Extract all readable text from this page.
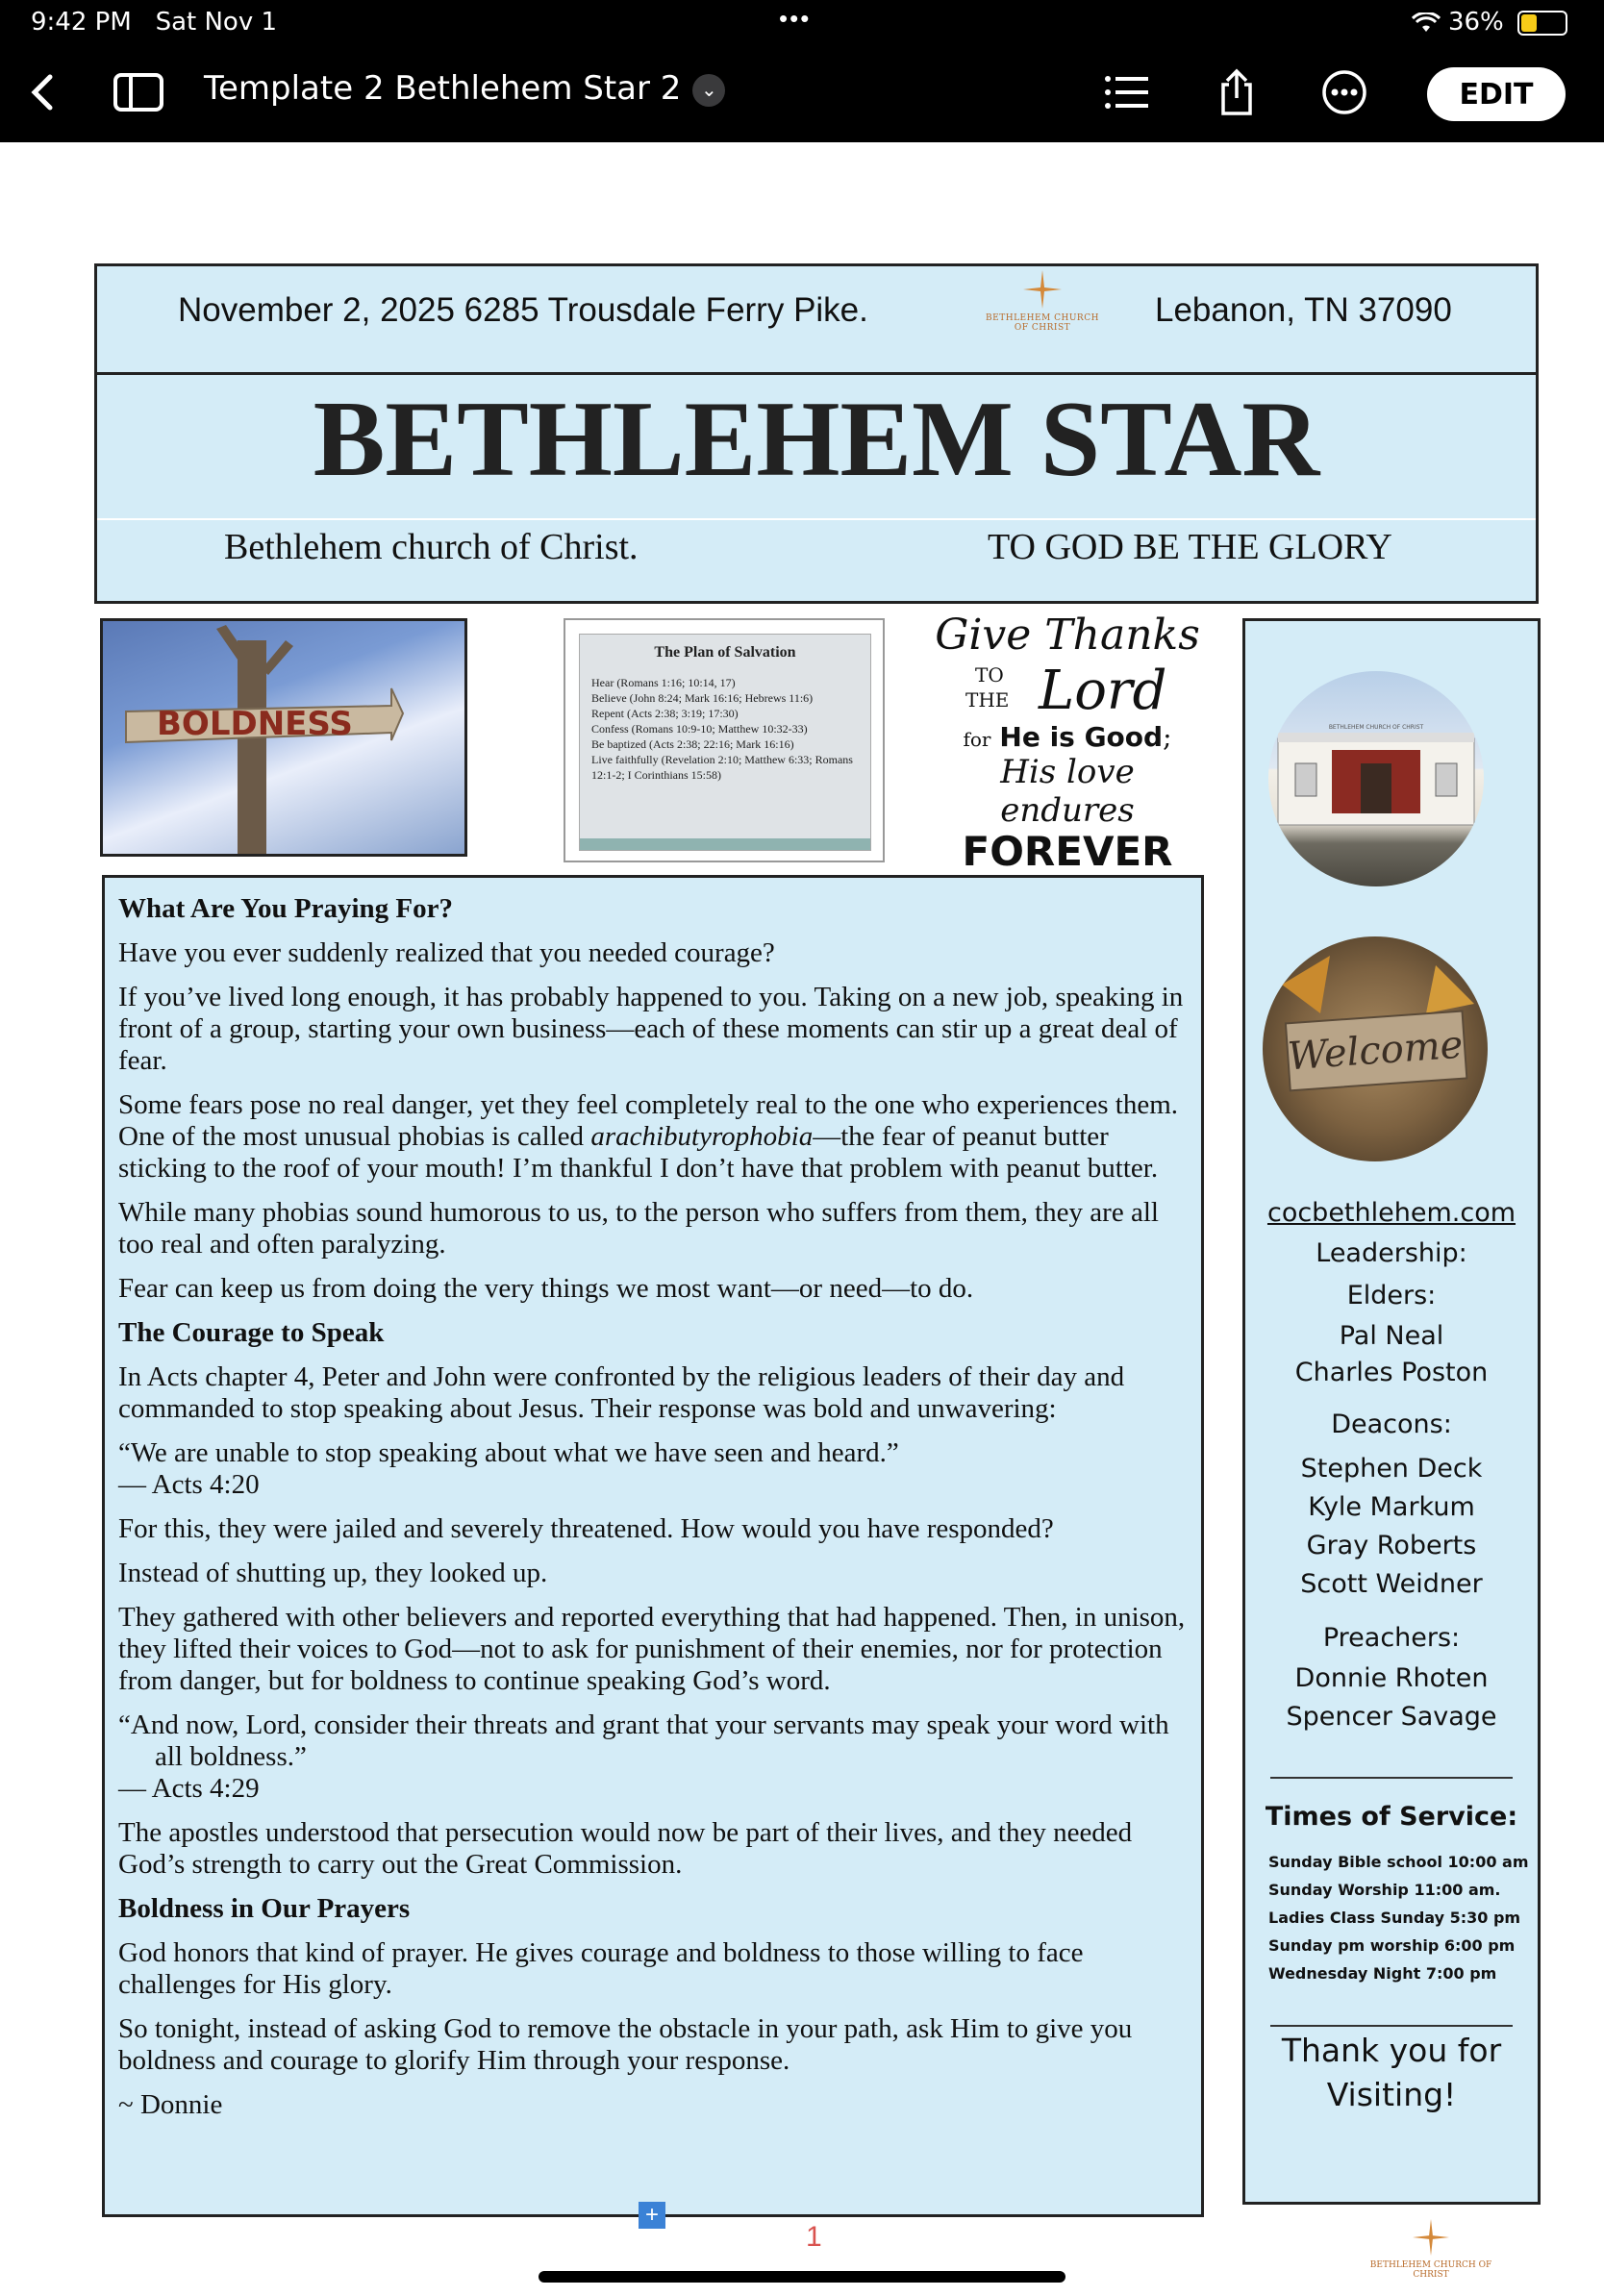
9:42 PM Sat Nov 1	•••	36%
Template 2 Bethlehem Star 2 ⌄	EDIT
November 2, 2025 6285 Trousdale Ferry Pike.	BETHLEHEM CHURCH OF CHRIST	Lebanon, TN 37090
BETHLEHEM STAR
Bethlehem church of Christ.	TO GOD BE THE GLORY
BOLDNESS
The Plan of Salvation
Hear (Romans 1:16; 10:14, 17)
Believe (John 8:24; Mark 16:16; Hebrews 11:6)
Repent (Acts 2:38; 3:19; 17:30)
Confess (Romans 10:9-10; Matthew 10:32-33)
Be baptized (Acts 2:38; 22:16; Mark 16:16)
Live faithfully (Revelation 2:10; Matthew 6:33; Romans 12:1-2; I Corinthians 15:58)
Give Thanks
TO
THE Lord
for He is Good;
His love endures
FOREVER

What Are You Praying For?

Have you ever suddenly realized that you needed courage?

If you’ve lived long enough, it has probably happened to you. Taking on a new job, speaking in front of a group, starting your own business—each of these moments can stir up a great deal of fear.

Some fears pose no real danger, yet they feel completely real to the one who experiences them. One of the most unusual phobias is called arachibutyrophobia—the fear of peanut butter sticking to the roof of your mouth! I’m thankful I don’t have that problem with peanut butter.

While many phobias sound humorous to us, to the person who suffers from them, they are all too real and often paralyzing.

Fear can keep us from doing the very things we most want—or need—to do.

The Courage to Speak

In Acts chapter 4, Peter and John were confronted by the religious leaders of their day and commanded to stop speaking about Jesus. Their response was bold and unwavering:

“We are unable to stop speaking about what we have seen and heard.”
— Acts 4:20

For this, they were jailed and severely threatened. How would you have responded?

Instead of shutting up, they looked up.

They gathered with other believers and reported everything that had happened. Then, in unison, they lifted their voices to God—not to ask for punishment of their enemies, nor for protection from danger, but for boldness to continue speaking God’s word.

“And now, Lord, consider their threats and grant that your servants may speak your word with all boldness.”
— Acts 4:29

The apostles understood that persecution would now be part of their lives, and they needed God’s strength to carry out the Great Commission.

Boldness in Our Prayers

God honors that kind of prayer. He gives courage and boldness to those willing to face challenges for His glory.

So tonight, instead of asking God to remove the obstacle in your path, ask Him to give you boldness and courage to glorify Him through your response.

~ Donnie

BETHLEHEM CHURCH OF CHRIST
Welcome
cocbethlehem.com
Leadership:
Elders:
Pal Neal
Charles Poston
Deacons:
Stephen Deck
Kyle Markum
Gray Roberts
Scott Weidner
Preachers:
Donnie Rhoten
Spencer Savage
Times of Service:
Sunday Bible school 10:00 am
Sunday Worship 11:00 am.
Ladies Class Sunday 5:30 pm
Sunday pm worship 6:00 pm
Wednesday Night 7:00 pm
Thank you for
Visiting!
+
1
BETHLEHEM CHURCH OF CHRIST
